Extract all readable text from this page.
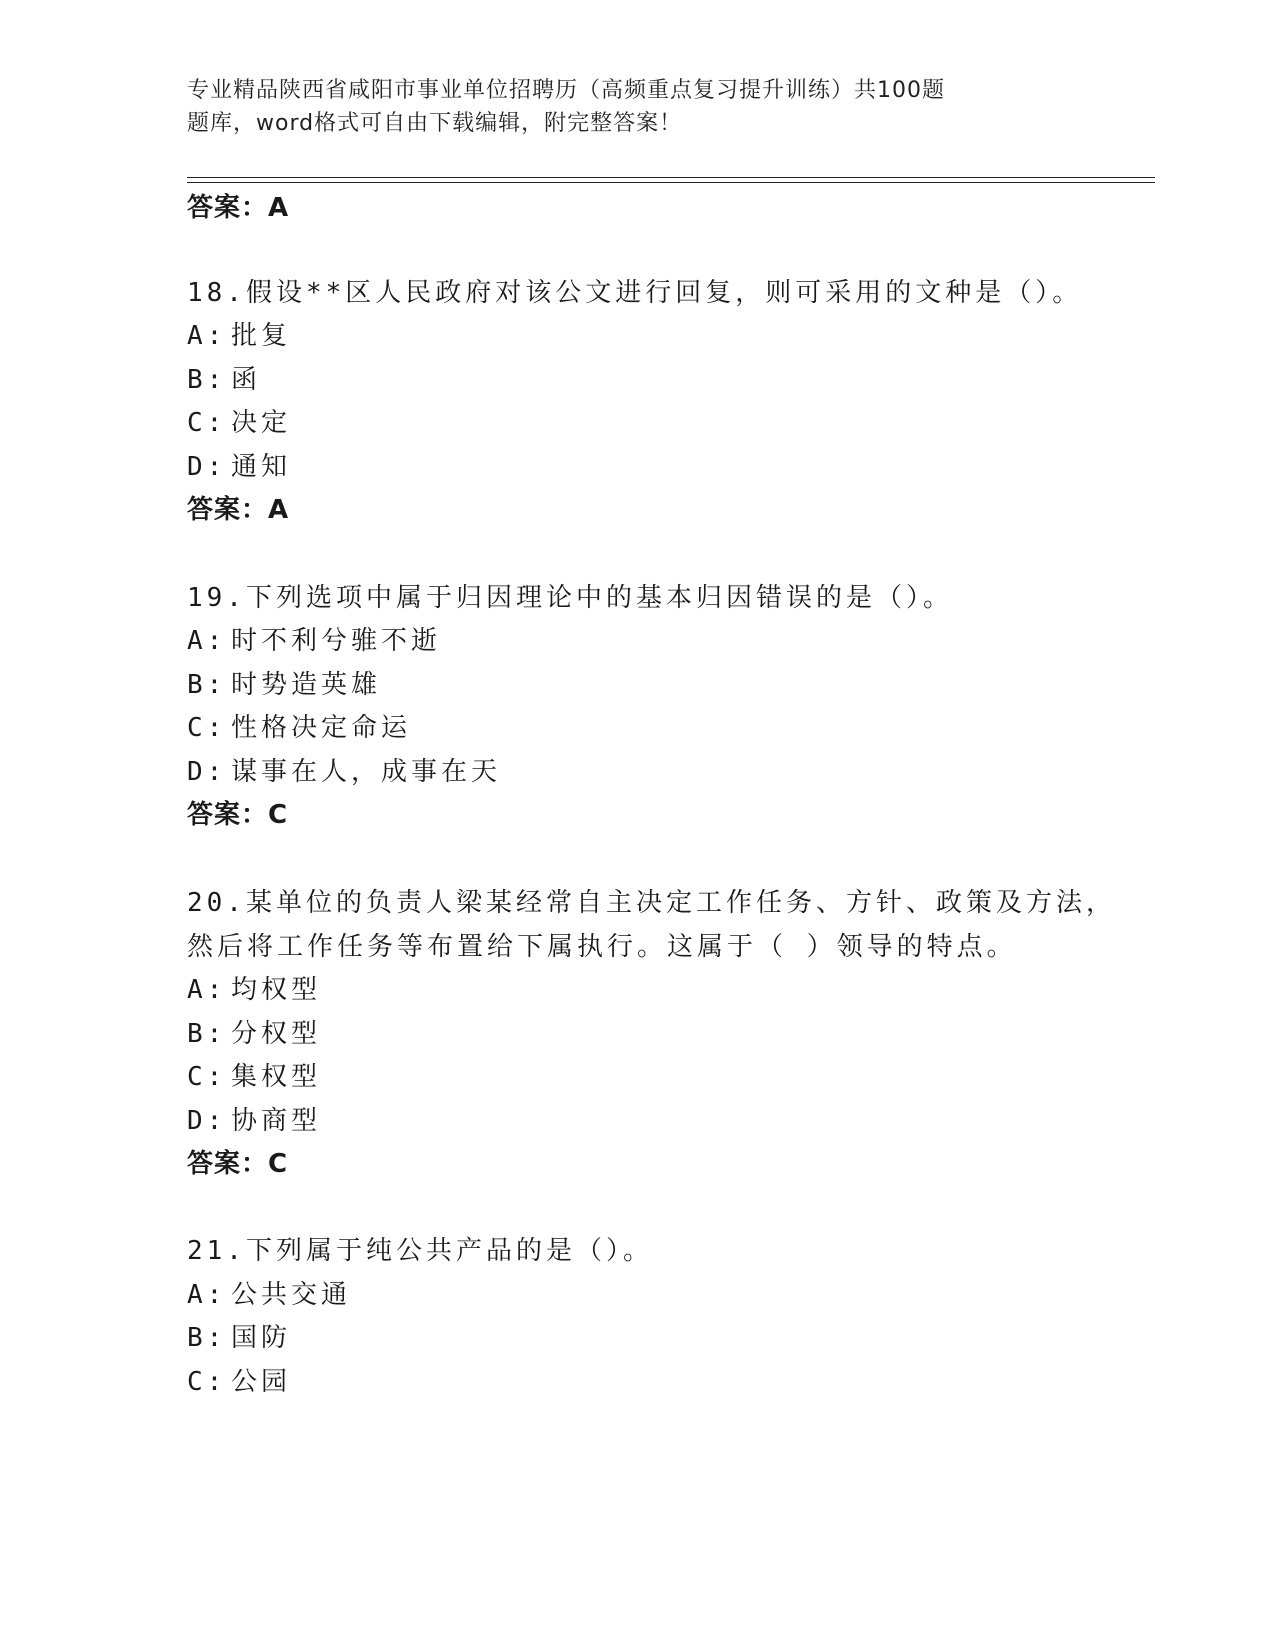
专业精品陕西省咸阳市事业单位招聘历（高频重点复习提升训练）共100题
题库，word格式可自由下载编辑，附完整答案！
答案：A
18.假设**区人民政府对该公文进行回复，则可采用的文种是（）。
A: 批复
B: 函
C: 决定
D: 通知
答案：A
19.下列选项中属于归因理论中的基本归因错误的是（）。
A: 时不利兮骓不逝
B: 时势造英雄
C: 性格决定命运
D: 谋事在人，成事在天
答案：C
20.某单位的负责人梁某经常自主决定工作任务、方针、政策及方法，
然后将工作任务等布置给下属执行。这属于（ ）领导的特点。
A: 均权型
B: 分权型
C: 集权型
D: 协商型
答案：C
21.下列属于纯公共产品的是（）。
A: 公共交通
B: 国防
C: 公园
